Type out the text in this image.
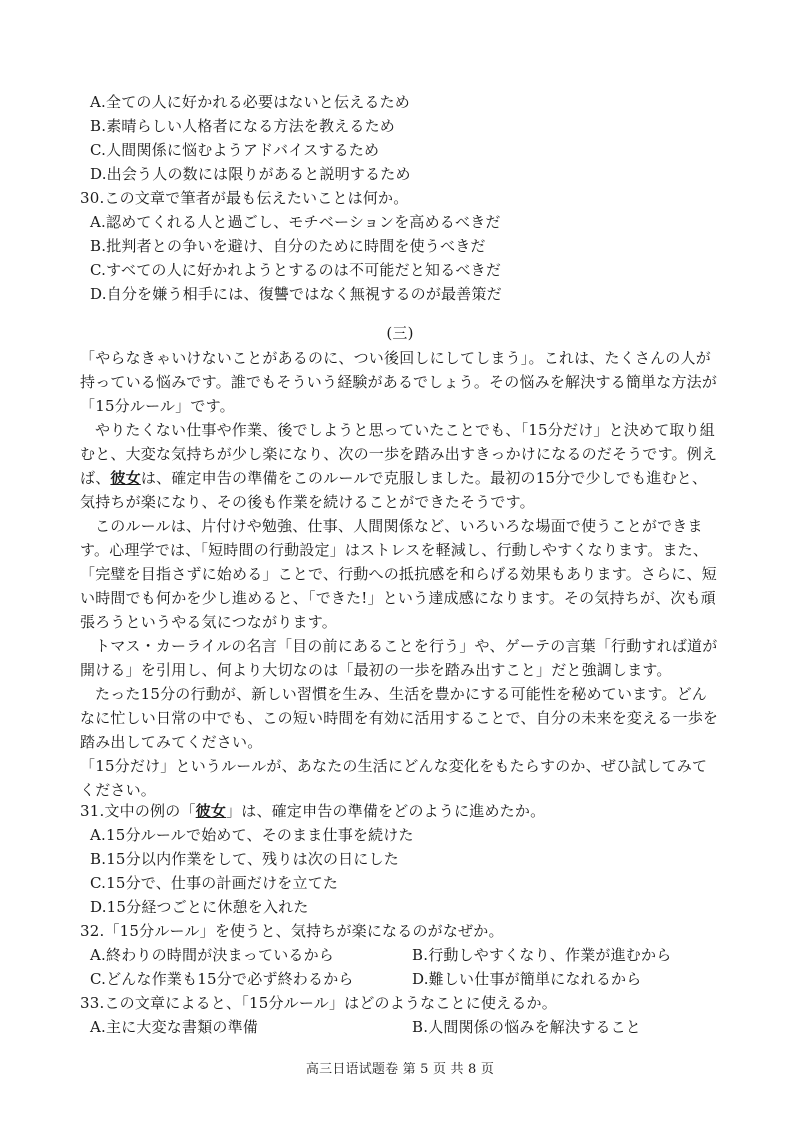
A.全ての人に好かれる必要はないと伝えるため
B.素晴らしい人格者になる方法を教えるため
C.人間関係に悩むようアドバイスするため
D.出会う人の数には限りがあると説明するため
30.この文章で筆者が最も伝えたいことは何か。
A.認めてくれる人と過ごし、モチベーションを高めるべきだ
B.批判者との争いを避け、自分のために時間を使うべきだ
C.すべての人に好かれようとするのは不可能だと知るべきだ
D.自分を嫌う相手には、復讐ではなく無視するのが最善策だ
(三)
「やらなきゃいけないことがあるのに、つい後回しにしてしまう」。これは、たくさんの人が持っている悩みです。誰でもそういう経験があるでしょう。その悩みを解決する簡単な方法が「15分ルール」です。
やりたくない仕事や作業、後でしようと思っていたことでも、「15分だけ」と決めて取り組むと、大変な気持ちが少し楽になり、次の一歩を踏み出すきっかけになるのだそうです。例えば、彼女は、確定申告の準備をこのルールで克服しました。最初の15分で少しでも進むと、気持ちが楽になり、その後も作業を続けることができたそうです。
このルールは、片付けや勉強、仕事、人間関係など、いろいろな場面で使うことができます。心理学では、「短時間の行動設定」はストレスを軽減し、行動しやすくなります。また、「完璧を目指さずに始める」ことで、行動への抵抗感を和らげる効果もあります。さらに、短い時間でも何かを少し進めると、「できた!」という達成感になります。その気持ちが、次も頑張ろうというやる気につながります。
トマス・カーライルの名言「目の前にあることを行う」や、ゲーテの言葉「行動すれば道が開ける」を引用し、何より大切なのは「最初の一歩を踏み出すこと」だと強調します。
たった15分の行動が、新しい習慣を生み、生活を豊かにする可能性を秘めています。どんなに忙しい日常の中でも、この短い時間を有効に活用することで、自分の未来を変える一歩を踏み出してみてください。
「15分だけ」というルールが、あなたの生活にどんな変化をもたらすのか、ぜひ試してみてください。
31.文中の例の「彼女」は、確定申告の準備をどのように進めたか。
A.15分ルールで始めて、そのまま仕事を続けた
B.15分以内作業をして、残りは次の日にした
C.15分で、仕事の計画だけを立てた
D.15分経つごとに休憩を入れた
32.「15分ルール」を使うと、気持ちが楽になるのがなぜか。
A.終わりの時間が決まっているから	B.行動しやすくなり、作業が進むから
C.どんな作業も15分で必ず終わるから	D.難しい仕事が簡単になれるから
33.この文章によると、「15分ルール」はどのようなことに使えるか。
A.主に大変な書類の準備	B.人間関係の悩みを解決すること
高三日语试题卷 第 5 页 共 8 页
